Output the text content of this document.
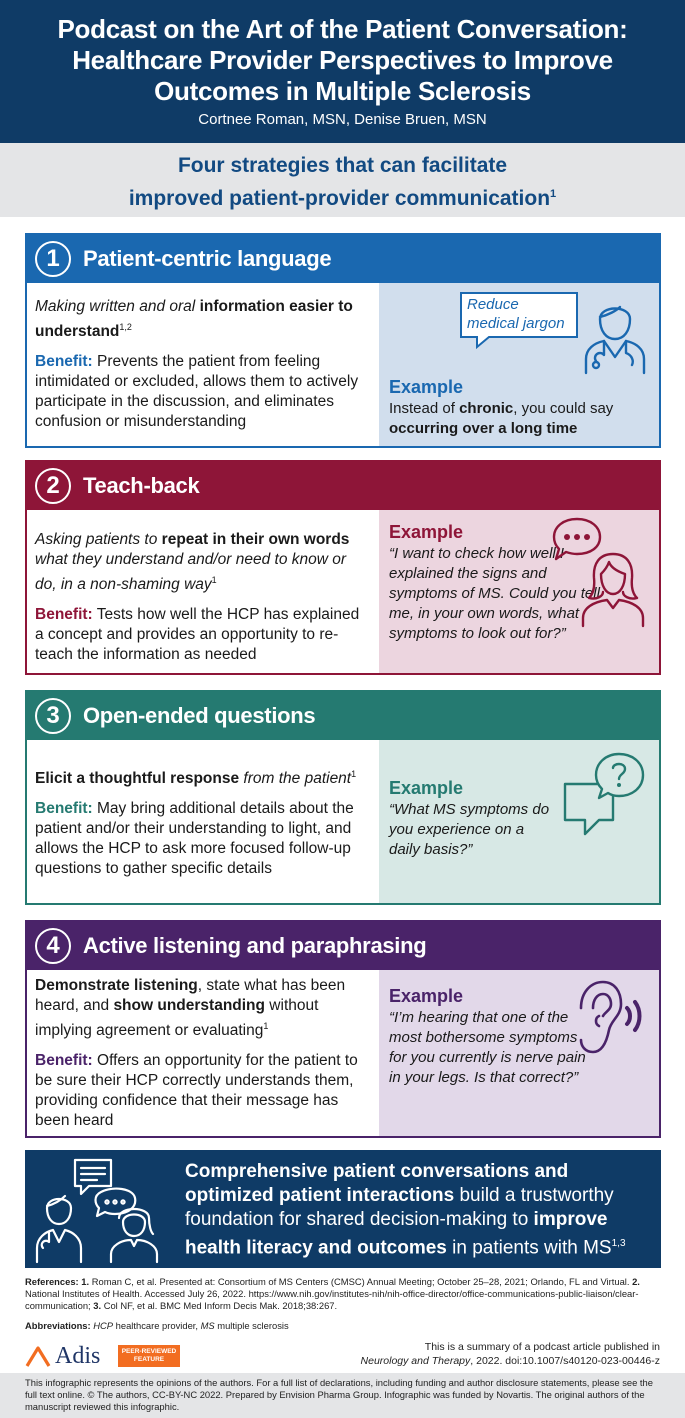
Podcast on the Art of the Patient Conversation:
Healthcare Provider Perspectives to Improve
Outcomes in Multiple Sclerosis
Cortnee Roman, MSN, Denise Bruen, MSN
Four strategies that can facilitate
improved patient-provider communication$^1$
1	Patient-centric language

Making written and oral information easier to understand$^{1,2}$

Benefit: Prevents the patient from feeling intimidated or excluded, allows them to actively participate in the discussion, and eliminates confusion or misunderstanding

Reduce medical jargon
Example
Instead of chronic, you could say occurring over a long time
2	Teach-back

Asking patients to repeat in their own words what they understand and/or need to know or do, in a non-shaming way$^1$

Benefit: Tests how well the HCP has explained a concept and provides an opportunity to re-teach the information as needed

Example
“I want to check how well I explained the signs and symptoms of MS. Could you tell me, in your own words, what symptoms to look out for?”
3	Open-ended questions

Elicit a thoughtful response from the patient$^1$

Benefit: May bring additional details about the patient and/or their understanding to light, and allows the HCP to ask more focused follow-up questions to gather specific details

Example
“What MS symptoms do you experience on a daily basis?”
4	Active listening and paraphrasing

Demonstrate listening, state what has been heard, and show understanding without implying agreement or evaluating$^1$

Benefit: Offers an opportunity for the patient to be sure their HCP correctly understands them, providing confidence that their message has been heard

Example
“I’m hearing that one of the most bothersome symptoms for you currently is nerve pain in your legs. Is that correct?”
Comprehensive patient conversations and optimized patient interactions build a trustworthy foundation for shared decision-making to improve health literacy and outcomes in patients with MS$^{1,3}$
References: 1. Roman C, et al. Presented at: Consortium of MS Centers (CMSC) Annual Meeting; October 25–28, 2021; Orlando, FL and Virtual. 2. National Institutes of Health. Accessed July 26, 2022. https://www.nih.gov/institutes-nih/nih-office-director/office-communications-public-liaison/clear-communication; 3. Col NF, et al. BMC Med Inform Decis Mak. 2018;38:267.
Abbreviations: HCP healthcare provider, MS multiple sclerosis
Adis	PEER-REVIEWED FEATURE
This is a summary of a podcast article published in
Neurology and Therapy, 2022. doi:10.1007/s40120-023-00446-z
This infographic represents the opinions of the authors. For a full list of declarations, including funding and author disclosure statements, please see the full text online. © The authors, CC-BY-NC 2022. Prepared by Envision Pharma Group. Infographic was funded by Novartis. The original authors of the manuscript reviewed this infographic.
